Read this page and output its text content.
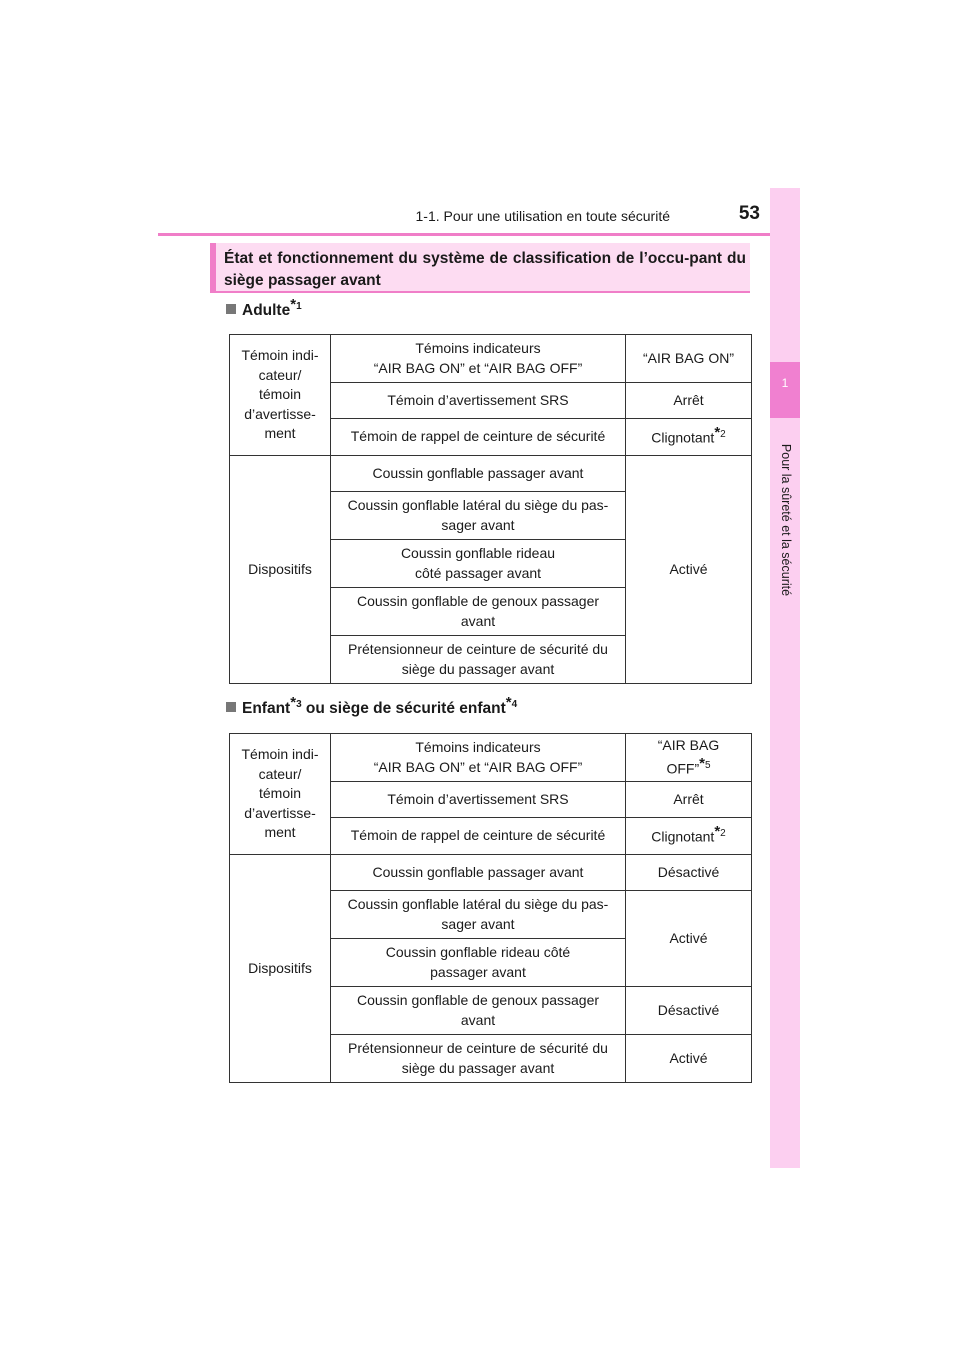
1-1. Pour une utilisation en toute sécurité	53
1
Pour la sûreté et la sécurité
État et fonctionnement du système de classification de l’occu-pant du siège passager avant
Adulte*$^1$
Témoin indi-
cateur/
témoin
d’avertisse-
ment	Témoins indicateurs
“AIR BAG ON” et “AIR BAG OFF”	“AIR BAG ON”
	Témoin d’avertissement SRS	Arrêt
	Témoin de rappel de ceinture de sécurité	Clignotant*$^2$
Dispositifs	Coussin gonflable passager avant	Activé
	Coussin gonflable latéral du siège du pas-
sager avant	
	Coussin gonflable rideau
côté passager avant	
	Coussin gonflable de genoux passager
avant	
	Prétensionneur de ceinture de sécurité du
siège du passager avant	
Enfant*$^3$ ou siège de sécurité enfant*$^4$
Témoin indi-
cateur/
témoin
d’avertisse-
ment	Témoins indicateurs
“AIR BAG ON” et “AIR BAG OFF”	“AIR BAG
OFF”*$^5$
	Témoin d’avertissement SRS	Arrêt
	Témoin de rappel de ceinture de sécurité	Clignotant*$^2$
Dispositifs	Coussin gonflable passager avant	Désactivé
	Coussin gonflable latéral du siège du pas-
sager avant	Activé
	Coussin gonflable rideau côté
passager avant	
	Coussin gonflable de genoux passager
avant	Désactivé
	Prétensionneur de ceinture de sécurité du
siège du passager avant	Activé
